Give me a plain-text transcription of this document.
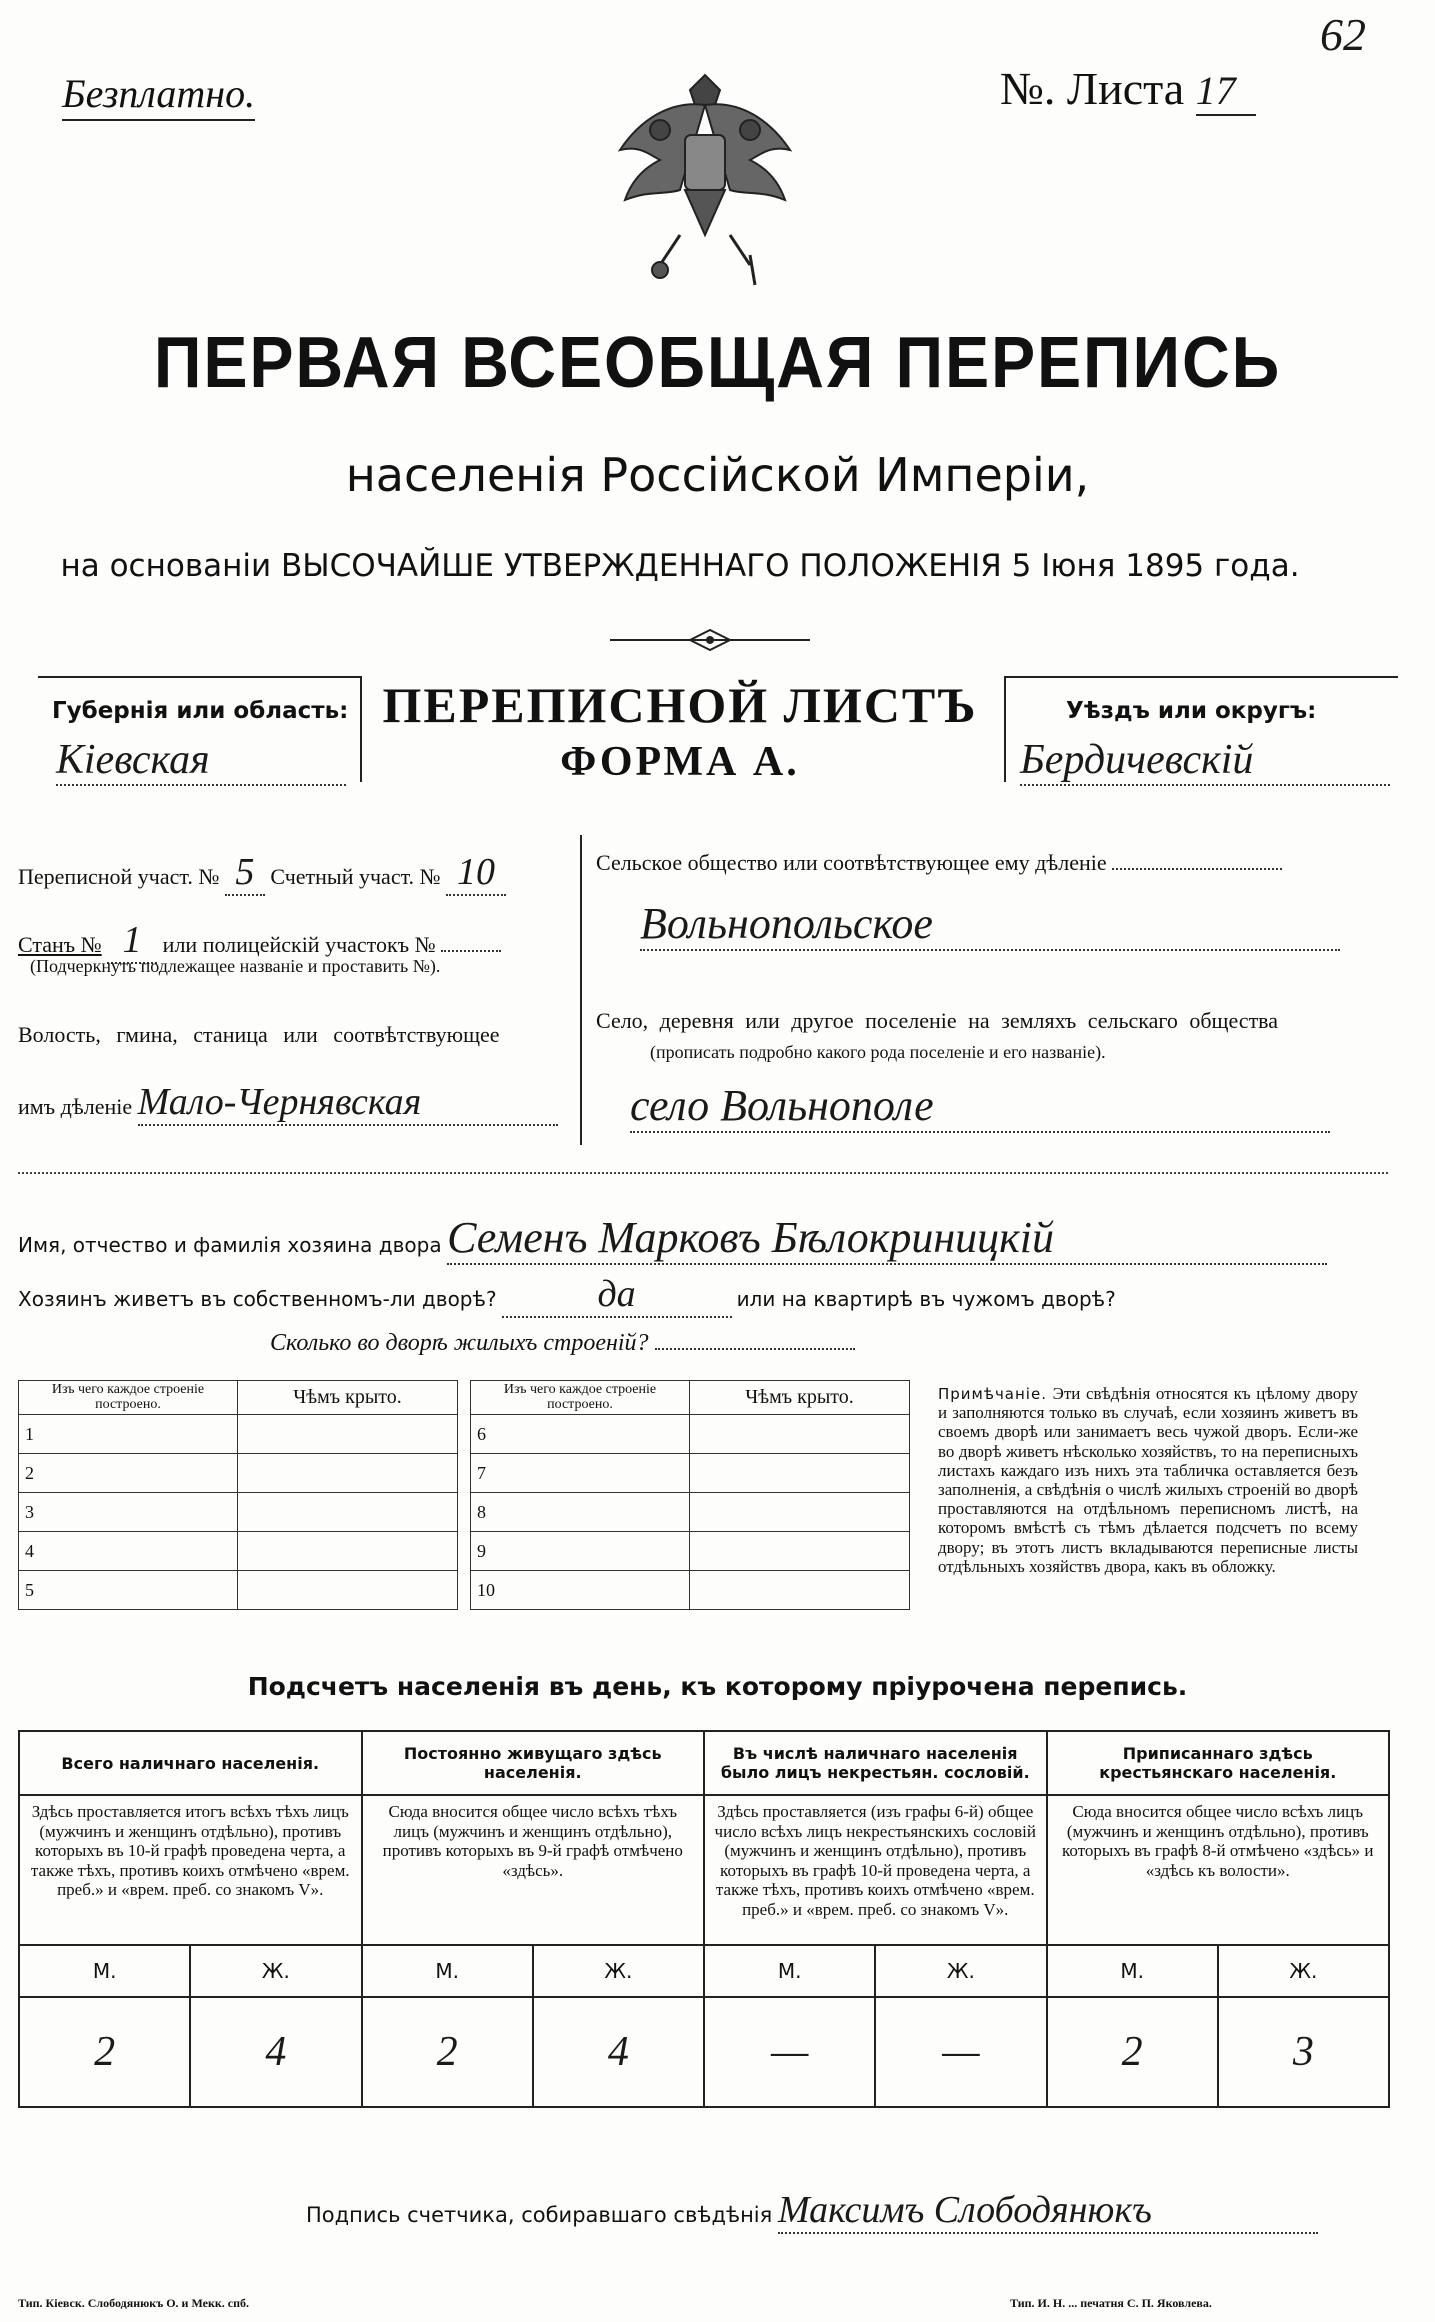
62
Безплатно.	№. Листа 17
ПЕРВАЯ ВСЕОБЩАЯ ПЕРЕПИСЬ
населенія Россійской Имперіи,
на основаніи ВЫСОЧАЙШЕ УТВЕРЖДЕННАГО ПОЛОЖЕНІЯ 5 Іюня 1895 года.
Губернія или область:
Кіевская
ПЕРЕПИСНОЙ ЛИСТЪ
ФОРМА А.
Уѣздъ или округъ:
Бердичевскій
Переписной участ. № 5 Счетный участ. № 10
Станъ № 1 или полицейскій участокъ №
(Подчеркнуть подлежащее названіе и проставить №).
Волость, гмина, станица или соотвѣтствующее
имъ дѣленіе Мало-Чернявская
Сельское общество или соотвѣтствующее ему дѣленіе
Вольнопольское
Село, деревня или другое поселеніе на земляхъ сельскаго общества
(прописать подробно какого рода поселеніе и его названіе).
село Вольнополе
Имя, отчество и фамилія хозяина двора Семенъ Марковъ Бѣлокриницкій
Хозяинъ живетъ въ собственномъ-ли дворѣ?	да	или на квартирѣ въ чужомъ дворѣ?
Сколько во дворѣ жилыхъ строеній?
Изъ чего каждое строеніе построено.	Чѣмъ крыто.
1	
2	
3	
4	
5	
Изъ чего каждое строеніе построено.	Чѣмъ крыто.
6	
7	
8	
9	
10	
Примѣчаніе. Эти свѣдѣнія относятся къ цѣлому двору и заполняются только въ случаѣ, если хозяинъ живетъ въ своемъ дворѣ или занимаетъ весь чужой дворъ. Если-же во дворѣ живетъ нѣсколько хозяйствъ, то на переписныхъ листахъ каждаго изъ нихъ эта табличка оставляется безъ заполненія, а свѣдѣнія о числѣ жилыхъ строеній во дворѣ проставляются на отдѣльномъ переписномъ листѣ, на которомъ вмѣстѣ съ тѣмъ дѣлается подсчетъ по всему двору; въ этотъ листъ вкладываются переписные листы отдѣльныхъ хозяйствъ двора, какъ въ обложку.
Подсчетъ населенія въ день, къ которому пріурочена перепись.
Всего наличнаго населенія.		Постоянно живущаго здѣсь населенія.		Въ числѣ наличнаго населенія было лицъ некрестьян. сословій.		Приписаннаго здѣсь крестьянскаго населенія.	
Здѣсь проставляется итогъ всѣхъ тѣхъ лицъ (мужчинъ и женщинъ отдѣльно), противъ которыхъ въ 10-й графѣ проведена черта, а также тѣхъ, противъ коихъ отмѣчено «врем. преб.» и «врем. преб. со знакомъ V».		Сюда вносится общее число всѣхъ тѣхъ лицъ (мужчинъ и женщинъ отдѣльно), противъ которыхъ въ 9-й графѣ отмѣчено «здѣсь».		Здѣсь проставляется (изъ графы 6-й) общее число всѣхъ лицъ некрестьянскихъ сословій (мужчинъ и женщинъ отдѣльно), противъ которыхъ въ графѣ 10-й проведена черта, а также тѣхъ, противъ коихъ отмѣчено «врем. преб.» и «врем. преб. со знакомъ V».		Сюда вносится общее число всѣхъ лицъ (мужчинъ и женщинъ отдѣльно), противъ которыхъ въ графѣ 8-й отмѣчено «здѣсь» и «здѣсь къ волости».	
М.	Ж.	М.	Ж.	М.	Ж.	М.	Ж.
2	4	2	4	—	—	2	3
Подпись счетчика, собиравшаго свѣдѣнія Максимъ Слободянюкъ
Тип. Кіевск. Слободянюкъ О. и Мекк. спб.	Тип. И. Н. ... печатня С. П. Яковлева.
